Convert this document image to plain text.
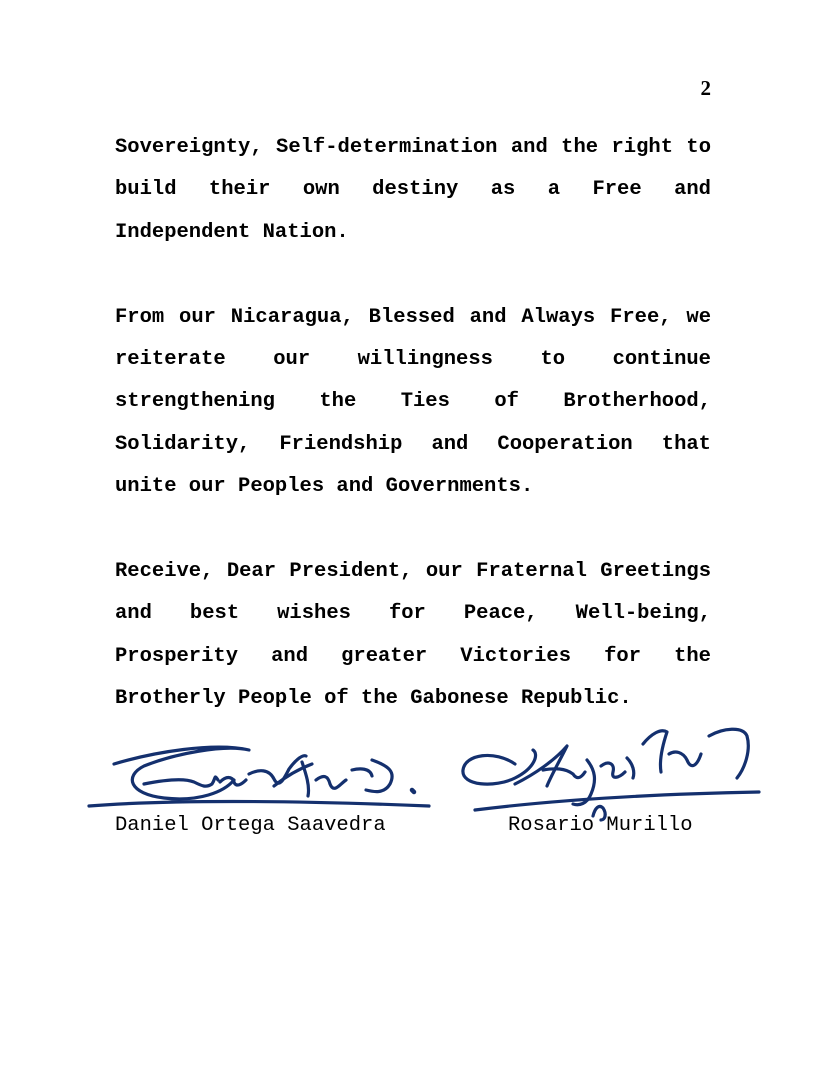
2

Sovereignty, Self-determination and the right to build their own destiny as a Free and Independent Nation.

From our Nicaragua, Blessed and Always Free, we reiterate our willingness to continue strengthening the Ties of Brotherhood, Solidarity, Friendship and Cooperation that unite our Peoples and Governments.

Receive, Dear President, our Fraternal Greetings and best wishes for Peace, Well-being, Prosperity and greater Victories for the Brotherly People of the Gabonese Republic.

Daniel Ortega Saavedra	Rosario Murillo
